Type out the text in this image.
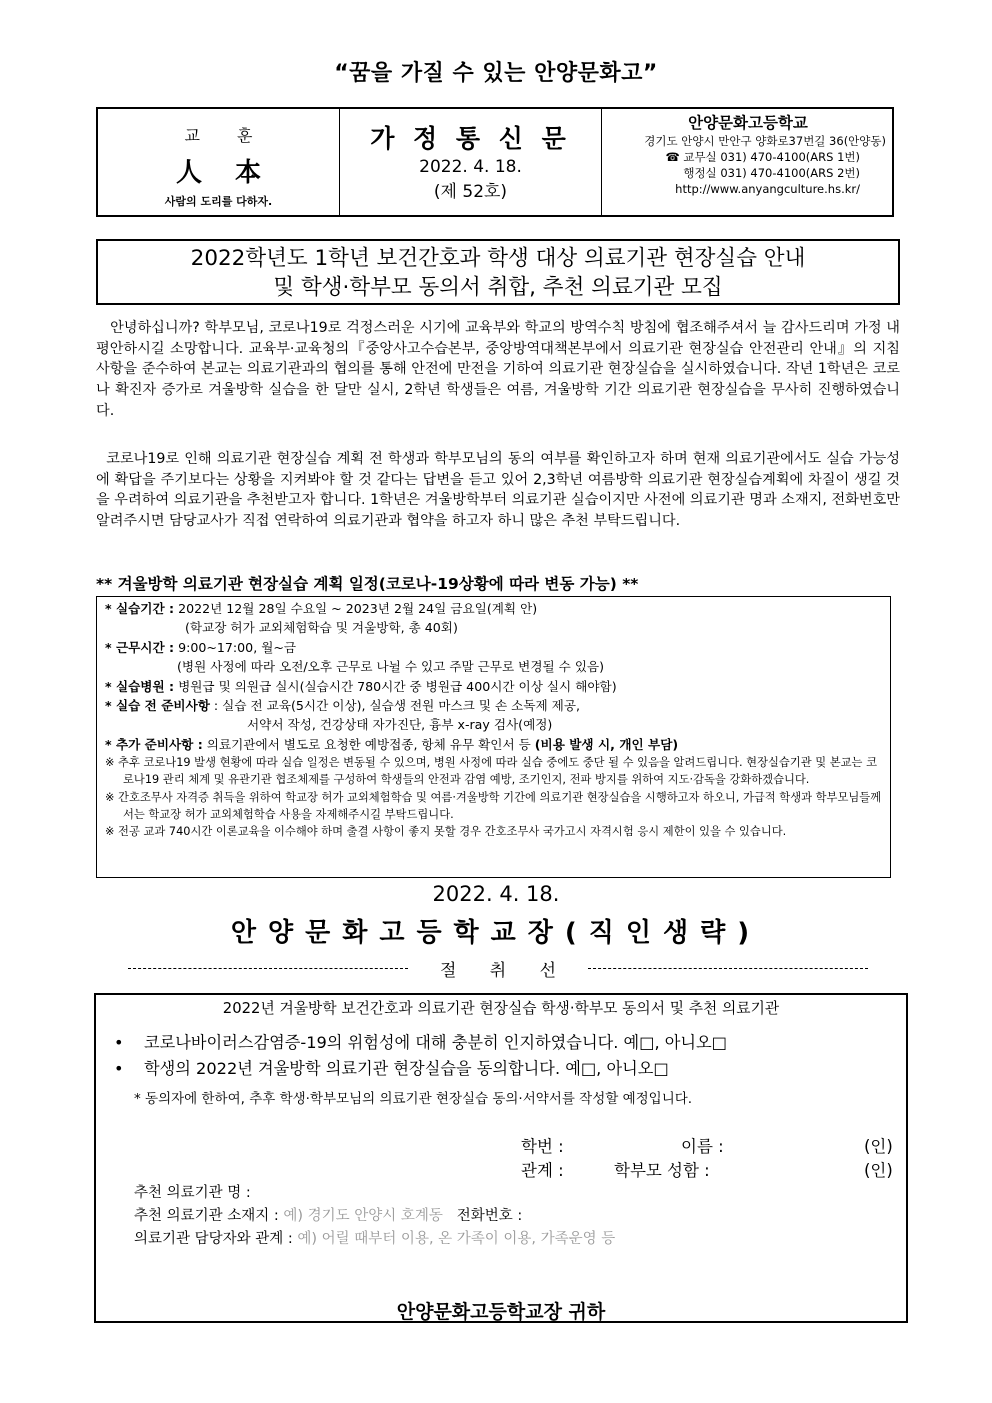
“꿈을 가질 수 있는 안양문화고”
교 훈
人 本
사람의 도리를 다하자.
가 정 통 신 문
2022. 4. 18.
(제 52호)
안양문화고등학교
경기도 안양시 만안구 양화로37번길 36(안양동)
☎ 교무실 031) 470-4100(ARS 1번)
행정실 031) 470-4100(ARS 2번)
http://www.anyangculture.hs.kr/
2022학년도 1학년 보건간호과 학생 대상 의료기관 현장실습 안내
및 학생·학부모 동의서 취합, 추천 의료기관 모집
안녕하십니까? 학부모님, 코로나19로 걱정스러운 시기에 교육부와 학교의 방역수칙 방침에 협조해주셔서 늘 감사드리며 가정 내 평안하시길 소망합니다. 교육부·교육청의『중앙사고수습본부, 중앙방역대책본부에서 의료기관 현장실습 안전관리 안내』의 지침 사항을 준수하여 본교는 의료기관과의 협의를 통해 안전에 만전을 기하여 의료기관 현장실습을 실시하였습니다. 작년 1학년은 코로나 확진자 증가로 겨울방학 실습을 한 달만 실시, 2학년 학생들은 여름, 겨울방학 기간 의료기관 현장실습을 무사히 진행하였습니다.
코로나19로 인해 의료기관 현장실습 계획 전 학생과 학부모님의 동의 여부를 확인하고자 하며 현재 의료기관에서도 실습 가능성에 확답을 주기보다는 상황을 지켜봐야 할 것 같다는 답변을 듣고 있어 2,3학년 여름방학 의료기관 현장실습계획에 차질이 생길 것을 우려하여 의료기관을 추천받고자 합니다. 1학년은 겨울방학부터 의료기관 실습이지만 사전에 의료기관 명과 소재지, 전화번호만 알려주시면 담당교사가 직접 연락하여 의료기관과 협약을 하고자 하니 많은 추천 부탁드립니다.
** 겨울방학 의료기관 현장실습 계획 일정(코로나-19상황에 따라 변동 가능) **
* 실습기간 : 2022년 12월 28일 수요일 ~ 2023년 2월 24일 금요일(계획 안)
(학교장 허가 교외체험학습 및 겨울방학, 총 40회)
* 근무시간 : 9:00~17:00, 월~금
(병원 사정에 따라 오전/오후 근무로 나뉠 수 있고 주말 근무로 변경될 수 있음)
* 실습병원 : 병원급 및 의원급 실시(실습시간 780시간 중 병원급 400시간 이상 실시 해야함)
* 실습 전 준비사항 : 실습 전 교육(5시간 이상), 실습생 전원 마스크 및 손 소독제 제공,
서약서 작성, 건강상태 자가진단, 흉부 x-ray 검사(예정)
* 추가 준비사항 : 의료기관에서 별도로 요청한 예방접종, 항체 유무 확인서 등 (비용 발생 시, 개인 부담)
※ 추후 코로나19 발생 현황에 따라 실습 일정은 변동될 수 있으며, 병원 사정에 따라 실습 중에도 중단 될 수 있음을 알려드립니다. 현장실습기관 및 본교는 코로나19 관리 체계 및 유관기관 협조체제를 구성하여 학생들의 안전과 감염 예방, 조기인지, 전파 방지를 위하여 지도·감독을 강화하겠습니다.
※ 간호조무사 자격증 취득을 위하여 학교장 허가 교외체험학습 및 여름·겨울방학 기간에 의료기관 현장실습을 시행하고자 하오니, 가급적 학생과 학부모님들께서는 학교장 허가 교외체험학습 사용을 자제해주시길 부탁드립니다.
※ 전공 교과 740시간 이론교육을 이수해야 하며 출결 사항이 좋지 못할 경우 간호조무사 국가고시 자격시험 응시 제한이 있을 수 있습니다.
2022. 4. 18.
안양문화고등학교장(직인생략)
절 취 선
2022년 겨울방학 보건간호과 의료기관 현장실습 학생·학부모 동의서 및 추천 의료기관
• 코로나바이러스감염증-19의 위험성에 대해 충분히 인지하였습니다. 예□, 아니오□
• 학생의 2022년 겨울방학 의료기관 현장실습을 동의합니다. 예□, 아니오□
* 동의자에 한하여, 추후 학생·학부모님의 의료기관 현장실습 동의·서약서를 작성할 예정입니다.
학번 :	이름 :	(인)
관계 :	학부모 성함 :	(인)
추천 의료기관 명 :
추천 의료기관 소재지 : 예) 경기도 안양시 호계동 전화번호 :
의료기관 담당자와 관계 : 예) 어릴 때부터 이용, 온 가족이 이용, 가족운영 등
안양문화고등학교장 귀하
